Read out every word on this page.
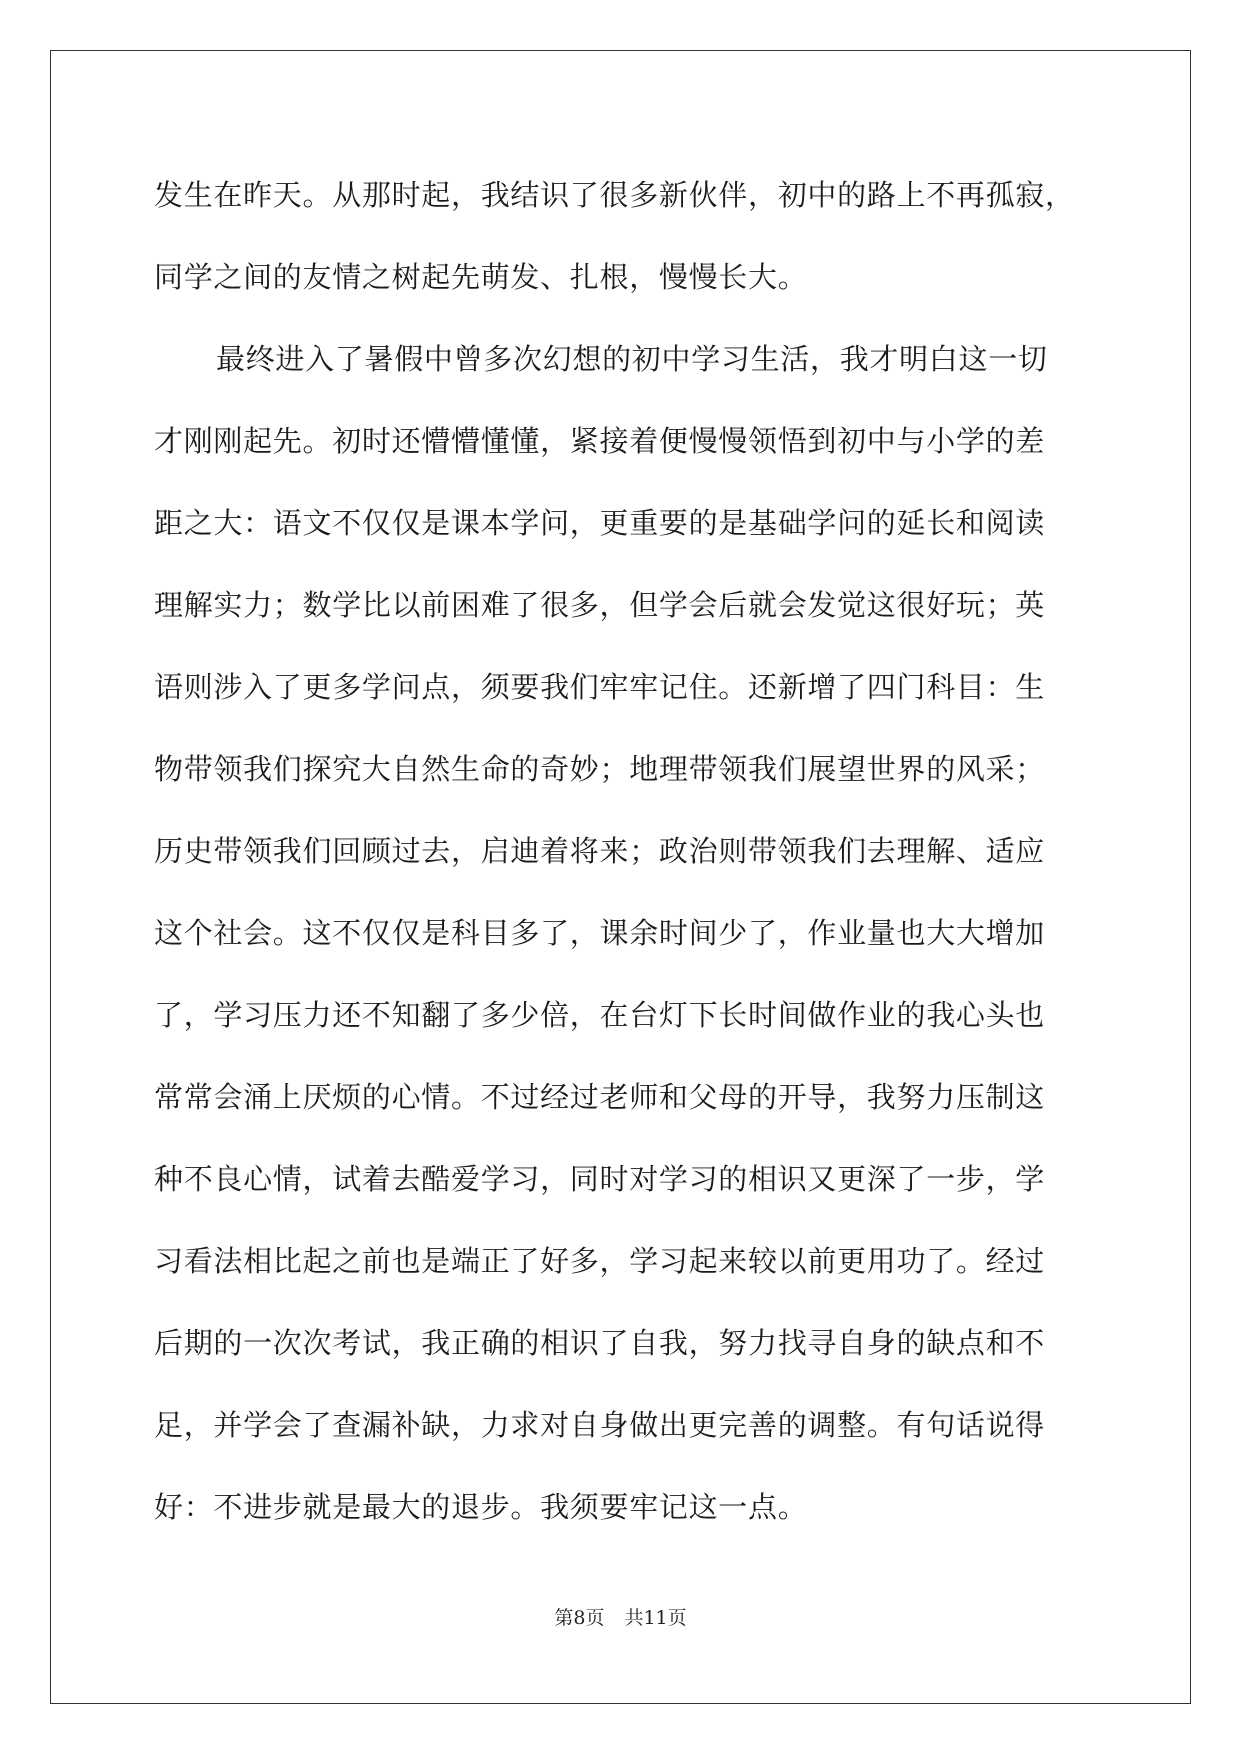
发生在昨天。从那时起，我结识了很多新伙伴，初中的路上不再孤寂，
同学之间的友情之树起先萌发、扎根，慢慢长大。
最终进入了暑假中曾多次幻想的初中学习生活，我才明白这一切
才刚刚起先。初时还懵懵懂懂，紧接着便慢慢领悟到初中与小学的差
距之大：语文不仅仅是课本学问，更重要的是基础学问的延长和阅读
理解实力；数学比以前困难了很多，但学会后就会发觉这很好玩；英
语则涉入了更多学问点，须要我们牢牢记住。还新增了四门科目：生
物带领我们探究大自然生命的奇妙；地理带领我们展望世界的风采；
历史带领我们回顾过去，启迪着将来；政治则带领我们去理解、适应
这个社会。这不仅仅是科目多了，课余时间少了，作业量也大大增加
了，学习压力还不知翻了多少倍，在台灯下长时间做作业的我心头也
常常会涌上厌烦的心情。不过经过老师和父母的开导，我努力压制这
种不良心情，试着去酷爱学习，同时对学习的相识又更深了一步，学
习看法相比起之前也是端正了好多，学习起来较以前更用功了。经过
后期的一次次考试，我正确的相识了自我，努力找寻自身的缺点和不
足，并学会了查漏补缺，力求对自身做出更完善的调整。有句话说得
好：不进步就是最大的退步。我须要牢记这一点。
第8页 共11页
